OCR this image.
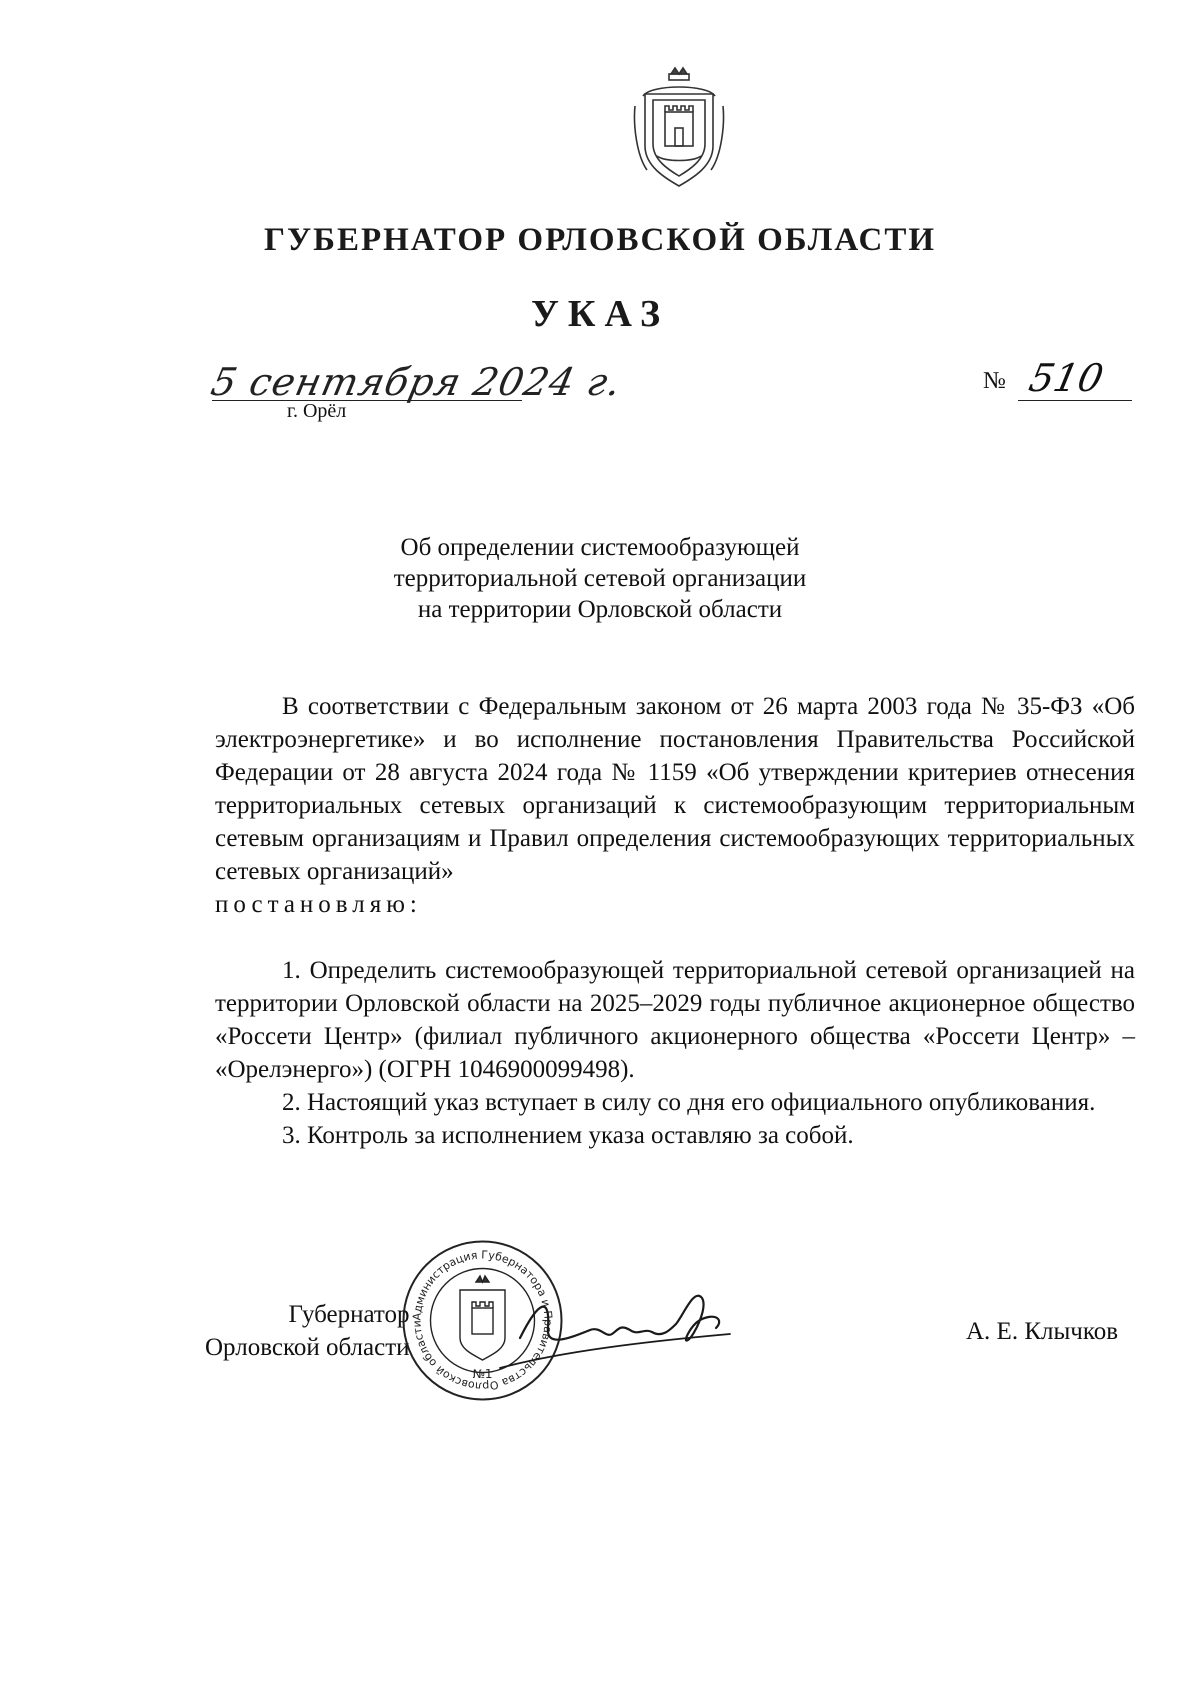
ГУБЕРНАТОР ОРЛОВСКОЙ ОБЛАСТИ
УКАЗ
5 сентября 2024 г.
г. Орёл
№ 510
Об определении системообразующей
территориальной сетевой организации
на территории Орловской области

В соответствии с Федеральным законом от 26 марта 2003 года № 35-ФЗ «Об электроэнергетике» и во исполнение постановления Правительства Российской Федерации от 28 августа 2024 года № 1159 «Об утверждении критериев отнесения территориальных сетевых организаций к системообразующим территориальным сетевым организациям и Правил определения системообразующих территориальных сетевых организаций»

постановляю:

1. Определить системообразующей территориальной сетевой организацией на территории Орловской области на 2025–2029 годы публичное акционерное общество «Россети Центр» (филиал публичного акционерного общества «Россети Центр» – «Орелэнерго») (ОГРН 1046900099498).

2. Настоящий указ вступает в силу со дня его официального опубликования.

3. Контроль за исполнением указа оставляю за собой.

Губернатор
Орловской области
Администрация Губернатора и Правительства Орловской области
№1
А. Е. Клычков
